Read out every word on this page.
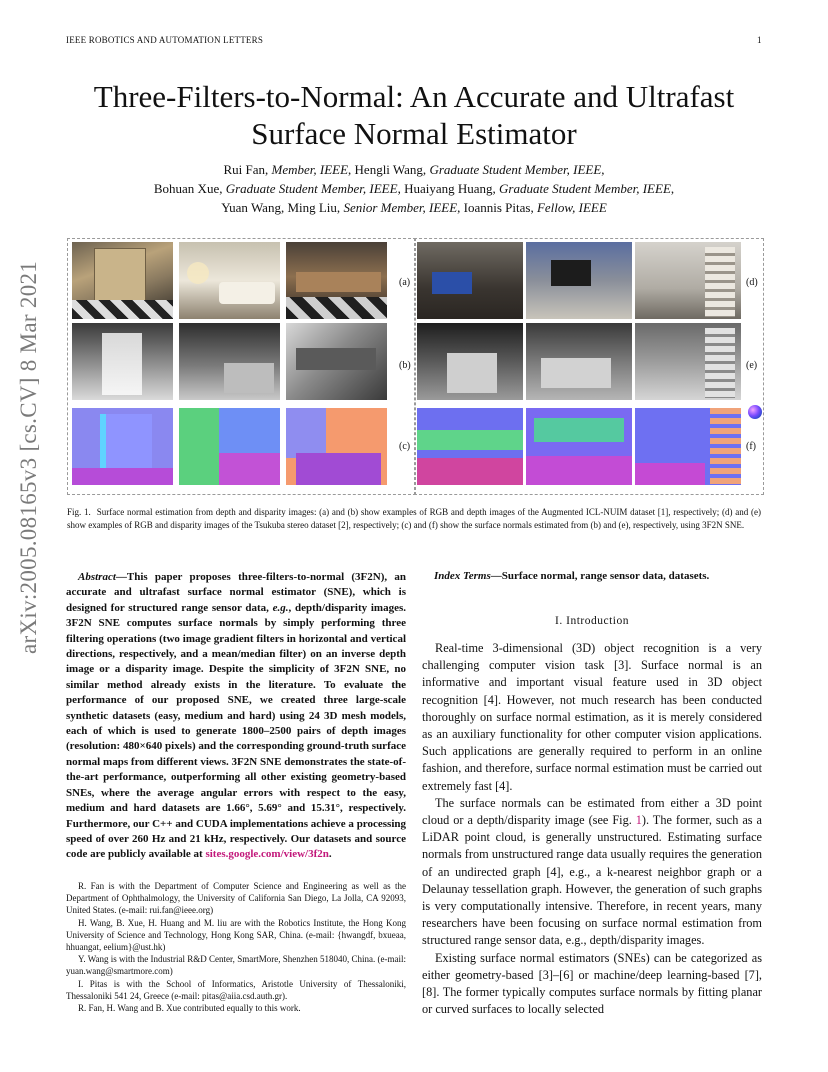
IEEE ROBOTICS AND AUTOMATION LETTERS	1
Three-Filters-to-Normal: An Accurate and Ultrafast
Surface Normal Estimator
Rui Fan, Member, IEEE, Hengli Wang, Graduate Student Member, IEEE,
Bohuan Xue, Graduate Student Member, IEEE, Huaiyang Huang, Graduate Student Member, IEEE,
Yuan Wang, Ming Liu, Senior Member, IEEE, Ioannis Pitas, Fellow, IEEE
arXiv:2005.08165v3 [cs.CV] 8 Mar 2021	(a)
(b)
(c)
(d)
(e)
(f)
Fig. 1. Surface normal estimation from depth and disparity images: (a) and (b) show examples of RGB and depth images of the Augmented ICL-NUIM dataset [1], respectively; (d) and (e) show examples of RGB and disparity images of the Tsukuba stereo dataset [2], respectively; (c) and (f) show the surface normals estimated from (b) and (e), respectively, using 3F2N SNE.
Abstract—This paper proposes three-filters-to-normal (3F2N), an accurate and ultrafast surface normal estimator (SNE), which is designed for structured range sensor data, e.g., depth/disparity images. 3F2N SNE computes surface normals by simply performing three filtering operations (two image gradient filters in horizontal and vertical directions, respectively, and a mean/median filter) on an inverse depth image or a disparity image. Despite the simplicity of 3F2N SNE, no similar method already exists in the literature. To evaluate the performance of our proposed SNE, we created three large-scale synthetic datasets (easy, medium and hard) using 24 3D mesh models, each of which is used to generate 1800–2500 pairs of depth images (resolution: 480×640 pixels) and the corresponding ground-truth surface normal maps from different views. 3F2N SNE demonstrates the state-of-the-art performance, outperforming all other existing geometry-based SNEs, where the average angular errors with respect to the easy, medium and hard datasets are 1.66°, 5.69° and 15.31°, respectively. Furthermore, our C++ and CUDA implementations achieve a processing speed of over 260 Hz and 21 kHz, respectively. Our datasets and source code are publicly available at sites.google.com/view/3f2n.

R. Fan is with the Department of Computer Science and Engineering as well as the Department of Ophthalmology, the University of California San Diego, La Jolla, CA 92093, United States. (e-mail: rui.fan@ieee.org)

H. Wang, B. Xue, H. Huang and M. liu are with the Robotics Institute, the Hong Kong University of Science and Technology, Hong Kong SAR, China. (e-mail: {hwangdf, bxueaa, hhuangat, eelium}@ust.hk)

Y. Wang is with the Industrial R&D Center, SmartMore, Shenzhen 518040, China. (e-mail: yuan.wang@smartmore.com)

I. Pitas is with the School of Informatics, Aristotle University of Thessaloniki, Thessaloniki 541 24, Greece (e-mail: pitas@aiia.csd.auth.gr).

R. Fan, H. Wang and B. Xue contributed equally to this work.

Index Terms—Surface normal, range sensor data, datasets.
I. Introduction

Real-time 3-dimensional (3D) object recognition is a very challenging computer vision task [3]. Surface normal is an informative and important visual feature used in 3D object recognition [4]. However, not much research has been conducted thoroughly on surface normal estimation, as it is merely considered as an auxiliary functionality for other computer vision applications. Such applications are generally required to perform in an online fashion, and therefore, surface normal estimation must be carried out extremely fast [4].

The surface normals can be estimated from either a 3D point cloud or a depth/disparity image (see Fig. 1). The former, such as a LiDAR point cloud, is generally unstructured. Estimating surface normals from unstructured range data usually requires the generation of an undirected graph [4], e.g., a k-nearest neighbor graph or a Delaunay tessellation graph. However, the generation of such graphs is very computationally intensive. Therefore, in recent years, many researchers have been focusing on surface normal estimation from structured range sensor data, e.g., depth/disparity images.

Existing surface normal estimators (SNEs) can be categorized as either geometry-based [3]–[6] or machine/deep learning-based [7], [8]. The former typically computes surface normals by fitting planar or curved surfaces to locally selected
